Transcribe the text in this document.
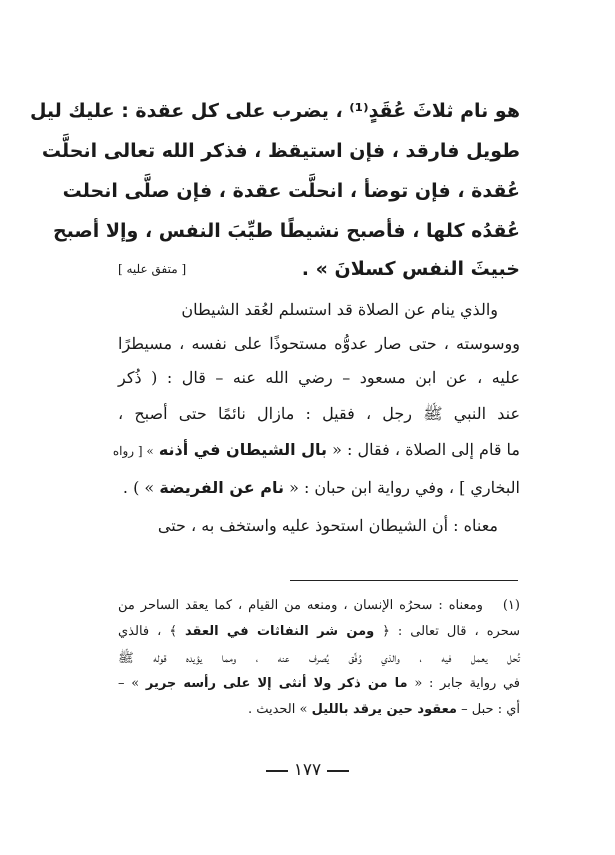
هو نام ثلاثَ عُقَدٍ⁽¹⁾ ، يضرب على كل عقدة : عليك ليل
طويل فارقد ، فإن استيقظ ، فذكر الله تعالى انحلَّت
عُقدة ، فإن توضأ ، انحلَّت عقدة ، فإن صلَّى انحلت
عُقدُه كلها ، فأصبح نشيطًا طيِّبَ النفس ، وإلا أصبح
خبيثَ النفس كسلانَ » .
[ متفق عليه ]
والذي ينام عن الصلاة قد استسلم لعُقد الشيطان
ووسوسته ، حتى صار عدوُّه مستحوذًا على نفسه ، مسيطرًا
عليه ، عن ابن مسعود – رضي الله عنه – قال : ( ذُكر
عند النبي ﷺ رجل ، فقيل : مازال نائمًا حتى أصبح ،
ما قام إلى الصلاة ، فقال : « بال الشيطان في أذنه » [ رواه
البخاري ] ، وفي رواية ابن حبان : « نام عن الفريضة » ) .
معناه : أن الشيطان استحوذ عليه واستخف به ، حتى
(١)  ومعناه : سحرُه الإنسان ، ومنعه من القيام ، كما يعقد الساحر من
سحره ، قال تعالى : ﴿ ومن شر النفاثات في العقد ﴾ ، فالذي
تُحل يعمل فيه ، والذي وُفِّق يُصرف عنه ، ومما يؤيده قوله ﷺ
في رواية جابر : « ما من ذكر ولا أنثى إلا على رأسه جرير » –
أي : حبل – معقود حين يرقد بالليل » الحديث .
١٧٧
